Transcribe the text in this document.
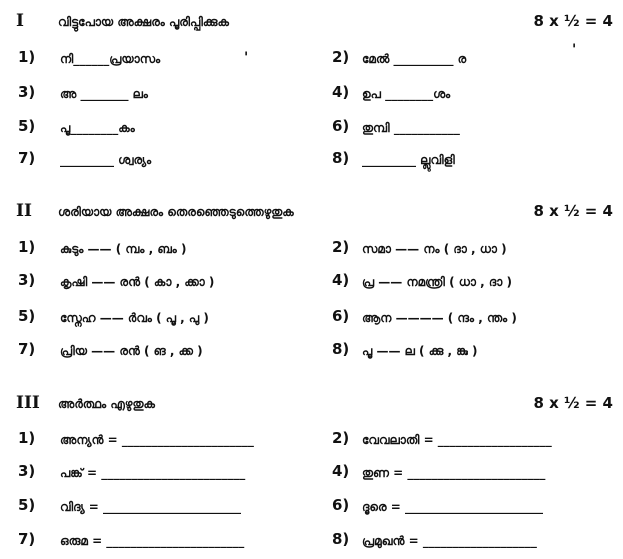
I	വിട്ടുപോയ അക്ഷരം പൂരിപ്പിക്കുക	8 x ½ = 4
'	'
1) നി______പ്രയാസം	2) മേൽ __________ ര
3) അ ________ ലം	4) ഉപ ________ശം
5) പൂ________കം	6) തുമ്പി ___________
7) _________ ശ്വര്യം	8) _________ ല്ലുവിളി
II ശരിയായ അക്ഷരം തെരഞ്ഞെടുത്തെഴുതുക	8 x ½ = 4
1) കുടും —— ( മ്പം , ബം )	2) സമാ —— നം ( ദാ , ധാ )
3) കൃഷി —— രൻ ( കാ , ക്കാ )	4) പ്ര —— നമന്ത്രി ( ധാ , ദാ )
5) സ്നേഹ —— ർവം ( പൂ , പു )	6) ആന ———— ( ന്ദം , ന്തം )
7) പ്രിയ —— രൻ ( ങ , ക്ക )	8) പൂ —— ല ( ക്കു , ങ്കു )
III അർത്ഥം എഴുതുക	8 x ½ = 4
1) അന്യൻ = ______________________	2) വേവലാതി = ___________________
3) പങ്ക് = ________________________	4) തുണ = _______________________
5) വിദ്യ = _______________________	6) ദൂരെ = _______________________
7) ഒരുമ = _______________________	8) പ്രമുഖൻ = ___________________
